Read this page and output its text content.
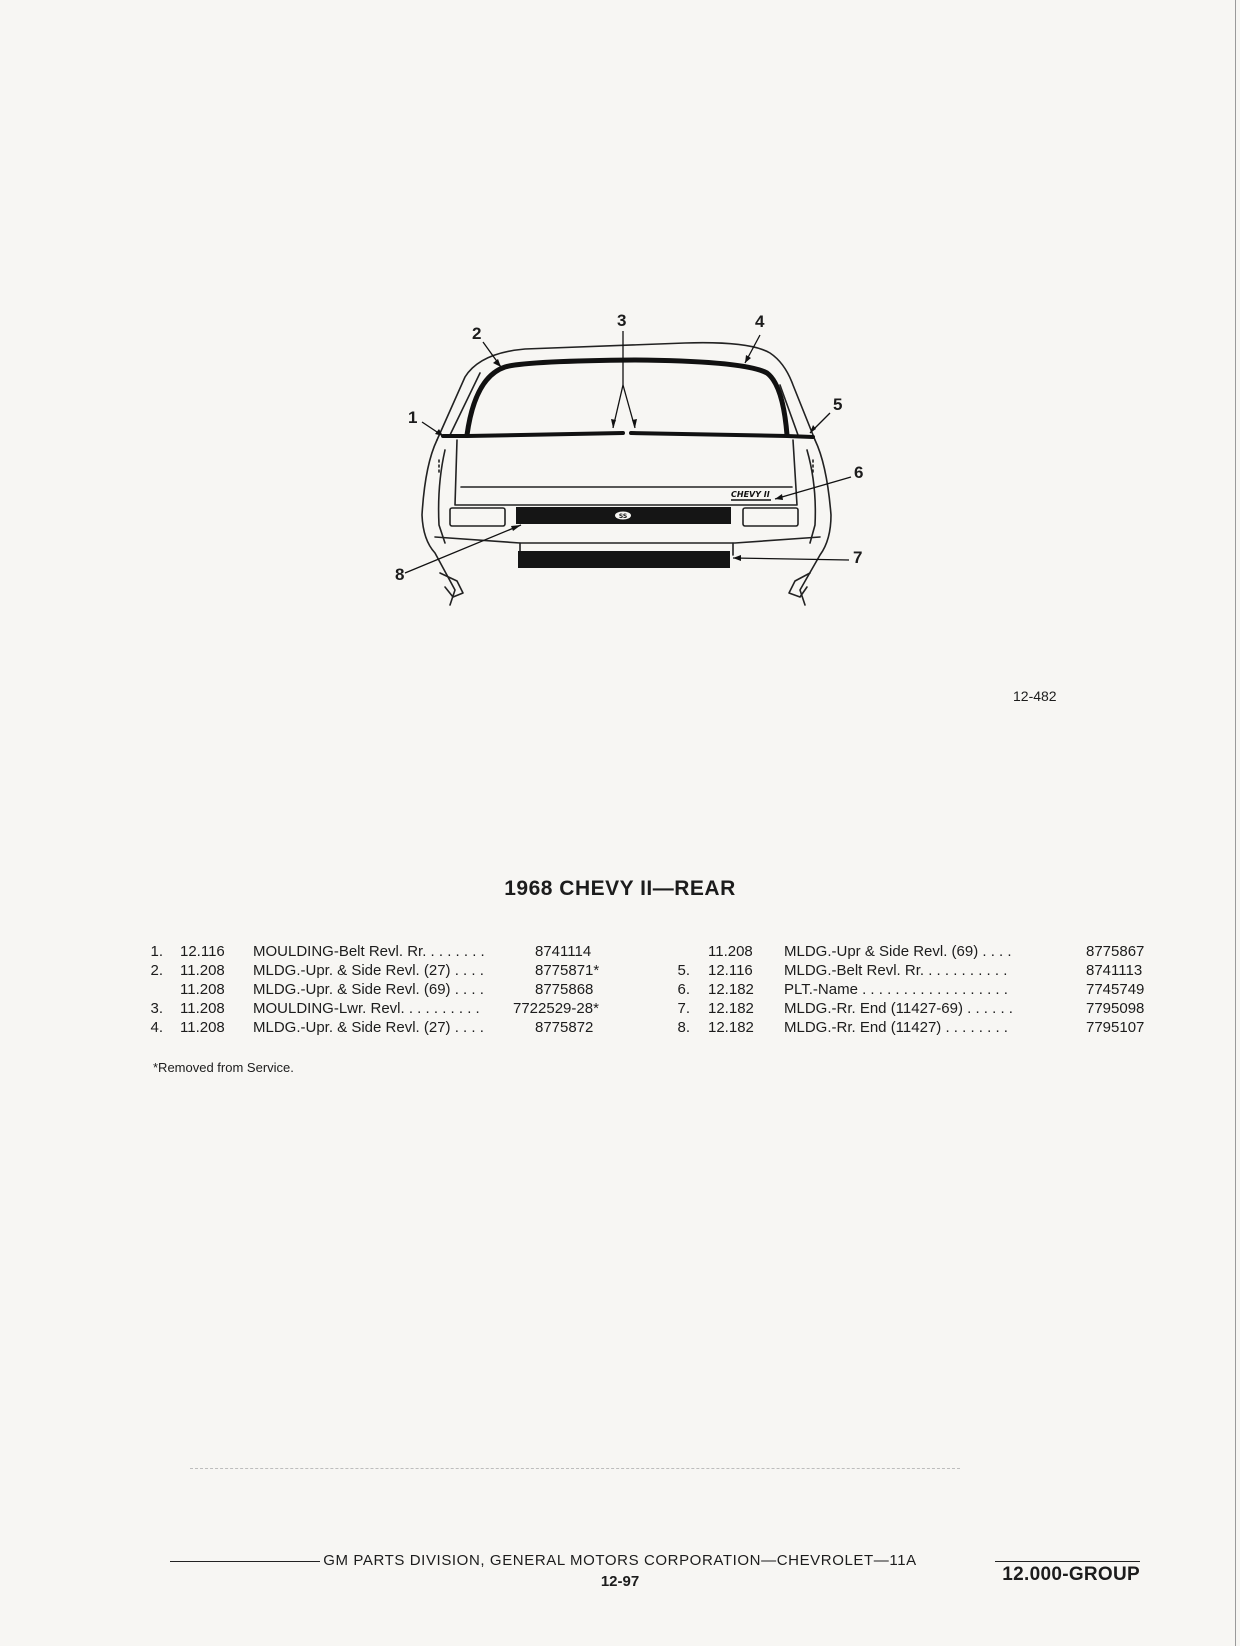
SS
CHEVY II
1
2
3	4
5
6
7
8
12-482
1968 CHEVY II—REAR
1. 12.116 MOULDING-Belt Revl. Rr. . . . . . . .	8741114
2. 11.208 MLDG.-Upr. & Side Revl. (27) . . . .	8775871*
11.208 MLDG.-Upr. & Side Revl. (69) . . . .	8775868
3. 11.208 MOULDING-Lwr. Revl. . . . . . . . . . 7722529-28*
4. 11.208 MLDG.-Upr. & Side Revl. (27) . . . .	8775872
11.208 MLDG.-Upr & Side Revl. (69) . . . .	8775867
5. 12.116 MLDG.-Belt Revl. Rr. . . . . . . . . . .	8741113
6. 12.182 PLT.-Name . . . . . . . . . . . . . . . . . .	7745749
7. 12.182 MLDG.-Rr. End (11427-69) . . . . . .	7795098
8. 12.182 MLDG.-Rr. End (11427) . . . . . . . .	7795107
*Removed from Service.
GM PARTS DIVISION, GENERAL MOTORS CORPORATION—CHEVROLET—11A
12-97	12.000-GROUP
